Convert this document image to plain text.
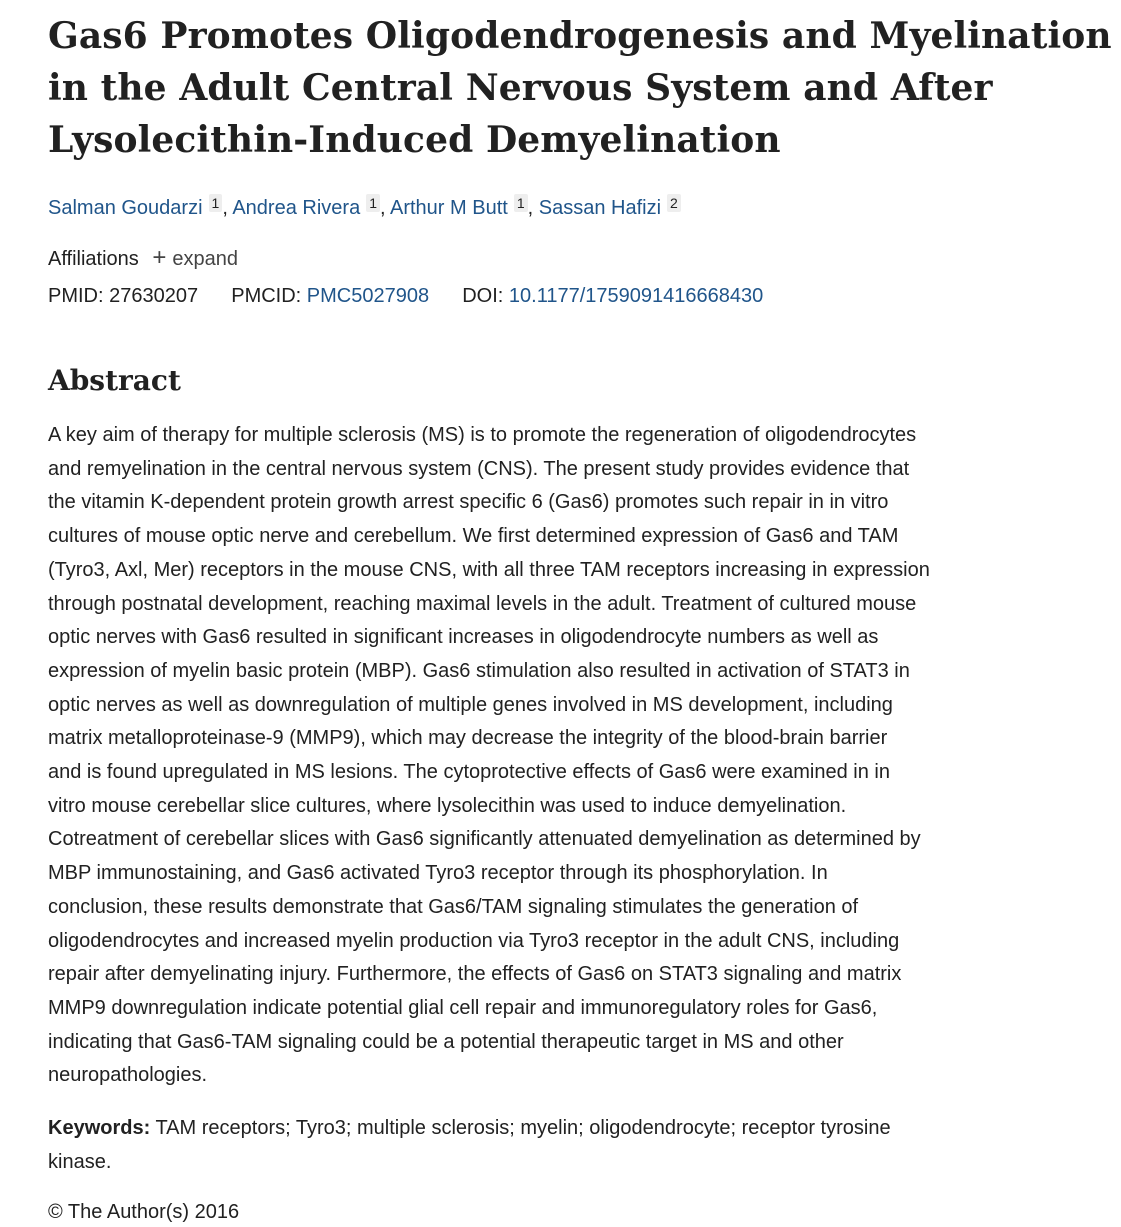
Gas6 Promotes Oligodendrogenesis and Myelination
in the Adult Central Nervous System and After
Lysolecithin-Induced Demyelination
Salman Goudarzi 1 , Andrea Rivera 1 , Arthur M Butt 1 , Sassan Hafizi 2
Affiliations + expand
PMID: 27630207 PMCID: PMC5027908 DOI: 10.1177/1759091416668430
Abstract
A key aim of therapy for multiple sclerosis (MS) is to promote the regeneration of oligodendrocytes
and remyelination in the central nervous system (CNS). The present study provides evidence that
the vitamin K-dependent protein growth arrest specific 6 (Gas6) promotes such repair in in vitro
cultures of mouse optic nerve and cerebellum. We first determined expression of Gas6 and TAM
(Tyro3, Axl, Mer) receptors in the mouse CNS, with all three TAM receptors increasing in expression
through postnatal development, reaching maximal levels in the adult. Treatment of cultured mouse
optic nerves with Gas6 resulted in significant increases in oligodendrocyte numbers as well as
expression of myelin basic protein (MBP). Gas6 stimulation also resulted in activation of STAT3 in
optic nerves as well as downregulation of multiple genes involved in MS development, including
matrix metalloproteinase-9 (MMP9), which may decrease the integrity of the blood-brain barrier
and is found upregulated in MS lesions. The cytoprotective effects of Gas6 were examined in in
vitro mouse cerebellar slice cultures, where lysolecithin was used to induce demyelination.
Cotreatment of cerebellar slices with Gas6 significantly attenuated demyelination as determined by
MBP immunostaining, and Gas6 activated Tyro3 receptor through its phosphorylation. In
conclusion, these results demonstrate that Gas6/TAM signaling stimulates the generation of
oligodendrocytes and increased myelin production via Tyro3 receptor in the adult CNS, including
repair after demyelinating injury. Furthermore, the effects of Gas6 on STAT3 signaling and matrix
MMP9 downregulation indicate potential glial cell repair and immunoregulatory roles for Gas6,
indicating that Gas6-TAM signaling could be a potential therapeutic target in MS and other
neuropathologies.
Keywords: TAM receptors; Tyro3; multiple sclerosis; myelin; oligodendrocyte; receptor tyrosine
kinase.
© The Author(s) 2016
